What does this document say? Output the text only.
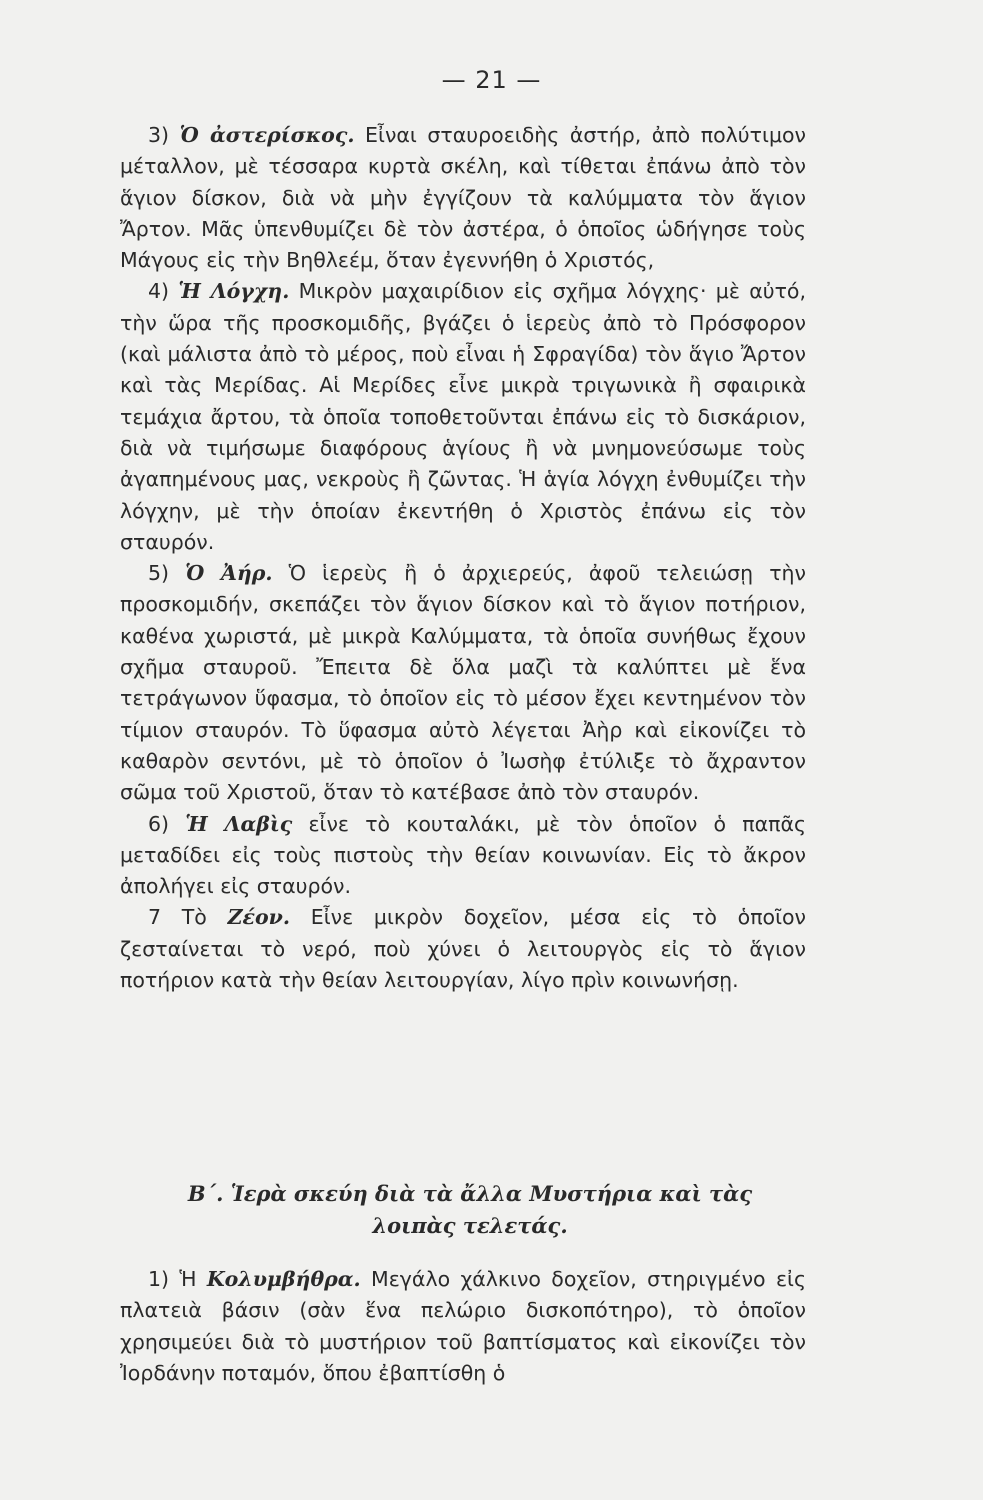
— 21 —

3) Ὁ ἀστερίσκος. Εἶναι σταυροειδὴς ἀστήρ, ἀπὸ πολύτιμον μέταλλον, μὲ τέσσαρα κυρτὰ σκέλη, καὶ τίθεται ἐπάνω ἀπὸ τὸν ἅγιον δίσκον, διὰ νὰ μὴν ἐγγίζουν τὰ καλύμματα τὸν ἅγιον Ἄρτον. Μᾶς ὑπενθυμίζει δὲ τὸν ἀστέρα, ὁ ὁποῖος ὡδήγησε τοὺς Μάγους εἰς τὴν Βηθλεέμ, ὅταν ἐγεννήθη ὁ Χριστός,

4) Ἡ Λόγχη. Μικρὸν μαχαιρίδιον εἰς σχῆμα λόγχης· μὲ αὐτό, τὴν ὥρα τῆς προσκομιδῆς, βγάζει ὁ ἱερεὺς ἀπὸ τὸ Πρόσφορον (καὶ μάλιστα ἀπὸ τὸ μέρος, ποὺ εἶναι ἡ Σφραγίδα) τὸν ἅγιο Ἄρτον καὶ τὰς Μερίδας. Αἱ Μερίδες εἶνε μικρὰ τριγωνικὰ ἢ σφαιρικὰ τεμάχια ἄρτου, τὰ ὁποῖα τοποθετοῦνται ἐπάνω εἰς τὸ δισκάριον, διὰ νὰ τιμήσωμε διαφόρους ἁγίους ἢ νὰ μνημονεύσωμε τοὺς ἀγαπημένους μας, νεκροὺς ἢ ζῶντας. Ἡ ἁγία λόγχη ἐνθυμίζει τὴν λόγχην, μὲ τὴν ὁποίαν ἐκεντήθη ὁ Χριστὸς ἐπάνω εἰς τὸν σταυρόν.

5) Ὁ Ἀήρ. Ὁ ἱερεὺς ἢ ὁ ἀρχιερεύς, ἀφοῦ τελειώσῃ τὴν προσκομιδήν, σκεπάζει τὸν ἅγιον δίσκον καὶ τὸ ἅγιον ποτήριον, καθένα χωριστά, μὲ μικρὰ Καλύμματα, τὰ ὁποῖα συνήθως ἔχουν σχῆμα σταυροῦ. Ἔπειτα δὲ ὅλα μαζὶ τὰ καλύπτει μὲ ἕνα τετράγωνον ὕφασμα, τὸ ὁποῖον εἰς τὸ μέσον ἔχει κεντημένον τὸν τίμιον σταυρόν. Τὸ ὕφασμα αὐτὸ λέγεται Ἀὴρ καὶ εἰκονίζει τὸ καθαρὸν σεντόνι, μὲ τὸ ὁποῖον ὁ Ἰωσὴφ ἐτύλιξε τὸ ἄχραντον σῶμα τοῦ Χριστοῦ, ὅταν τὸ κατέβασε ἀπὸ τὸν σταυρόν.

6) Ἡ Λαβὶς εἶνε τὸ κουταλάκι, μὲ τὸν ὁποῖον ὁ παπᾶς μεταδίδει εἰς τοὺς πιστοὺς τὴν θείαν κοινωνίαν. Εἰς τὸ ἄκρον ἀπολήγει εἰς σταυρόν.

7 Τὸ Ζέον. Εἶνε μικρὸν δοχεῖον, μέσα εἰς τὸ ὁποῖον ζεσταίνεται τὸ νερό, ποὺ χύνει ὁ λειτουργὸς εἰς τὸ ἅγιον ποτήριον κατὰ τὴν θείαν λειτουργίαν, λίγο πρὶν κοινωνήσῃ.

Β΄. Ἱερὰ σκεύη διὰ τὰ ἄλλα Μυστήρια καὶ τὰς λοιπὰς τελετάς.

1) Ἡ Κολυμβήθρα. Μεγάλο χάλκινο δοχεῖον, στηριγμένο εἰς πλατειὰ βάσιν (σὰν ἕνα πελώριο δισκοπότηρο), τὸ ὁποῖον χρησιμεύει διὰ τὸ μυστήριον τοῦ βαπτίσματος καὶ εἰκονίζει τὸν Ἰορδάνην ποταμόν, ὅπου ἐβαπτίσθη ὁ
